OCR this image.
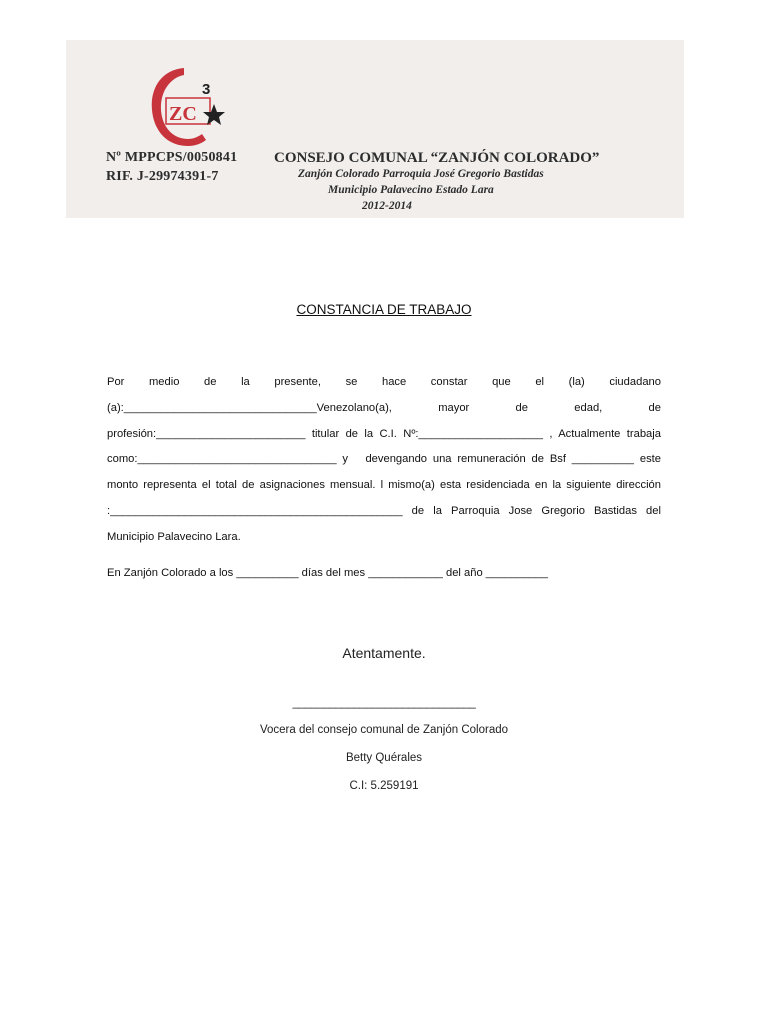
ZC
3
Nº MPPCPS/0050841
RIF. J-29974391-7
CONSEJO COMUNAL “ZANJÓN COLORADO”
Zanjón Colorado Parroquia José Gregorio Bastidas
Municipio Palavecino Estado Lara
2012-2014
CONSTANCIA DE TRABAJO
Por medio de la presente, se hace constar que el (la) ciudadano (a):_______________________________Venezolano(a), mayor de edad, de profesión:________________________ titular de la C.I. Nº:____________________ , Actualmente trabaja como:________________________________ y   devengando una remuneración de Bsf __________ este monto representa el total de asignaciones mensual. l mismo(a) esta residenciada en la siguiente dirección :_______________________________________________ de la Parroquia Jose Gregorio Bastidas del Municipio Palavecino Lara.
En Zanjón Colorado a los __________ días del mes ____________ del año __________
Atentamente.
______________________________
Vocera del consejo comunal de Zanjón Colorado
Betty Quérales
C.I: 5.259191
